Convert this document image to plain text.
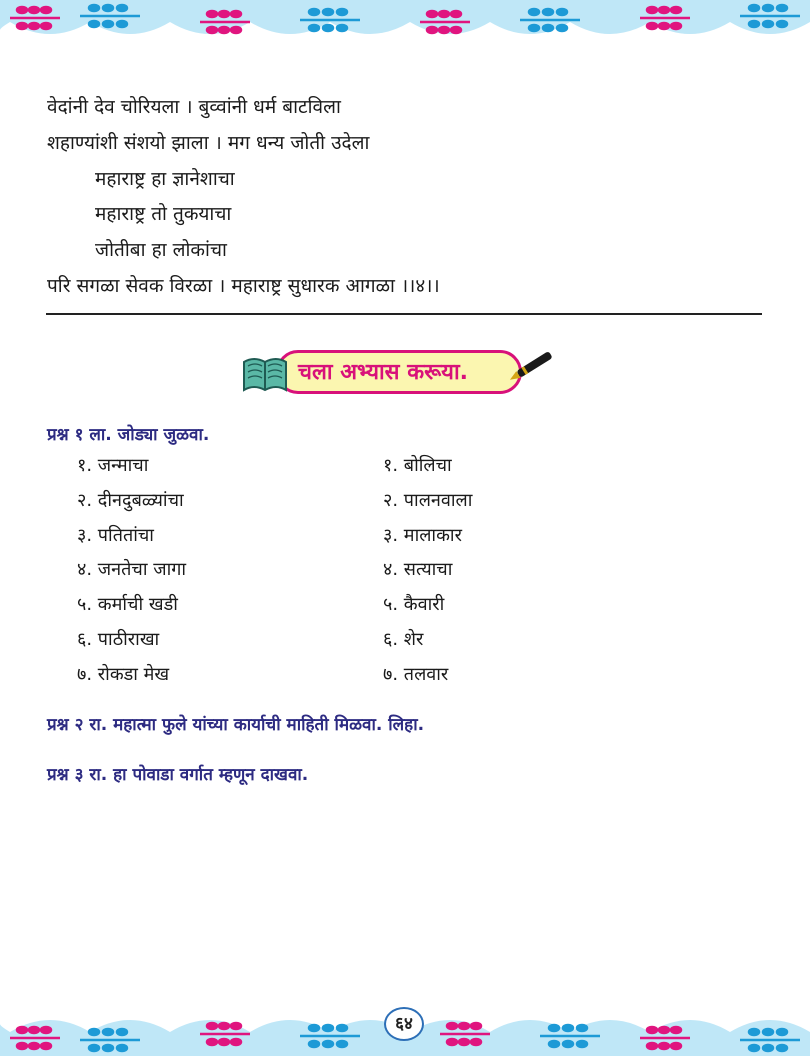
वेदांनी देव चोरियला । बुव्वांनी धर्म बाटविला
शहाण्यांशी संशयो झाला । मग धन्य जोती उदेला
महाराष्ट्र हा ज्ञानेशाचा
महाराष्ट्र तो तुकयाचा
जोतीबा हा लोकांचा
परि सगळा सेवक विरळा । महाराष्ट्र सुधारक आगळा ।।४।।
चला अभ्यास करूया.
प्रश्न १ ला. जोड्या जुळवा.
१. जन्माचा
२. दीनदुबळ्यांचा
३. पतितांचा
४. जनतेचा जागा
५. कर्माची खडी
६. पाठीराखा
७. रोकडा मेख
१. बोलिचा
२. पालनवाला
३. मालाकार
४. सत्याचा
५. कैवारी
६. शेर
७. तलवार
प्रश्न २ रा. महात्मा फुले यांच्या कार्याची माहिती मिळवा. लिहा.
प्रश्न ३ रा. हा पोवाडा वर्गात म्हणून दाखवा.
६४
